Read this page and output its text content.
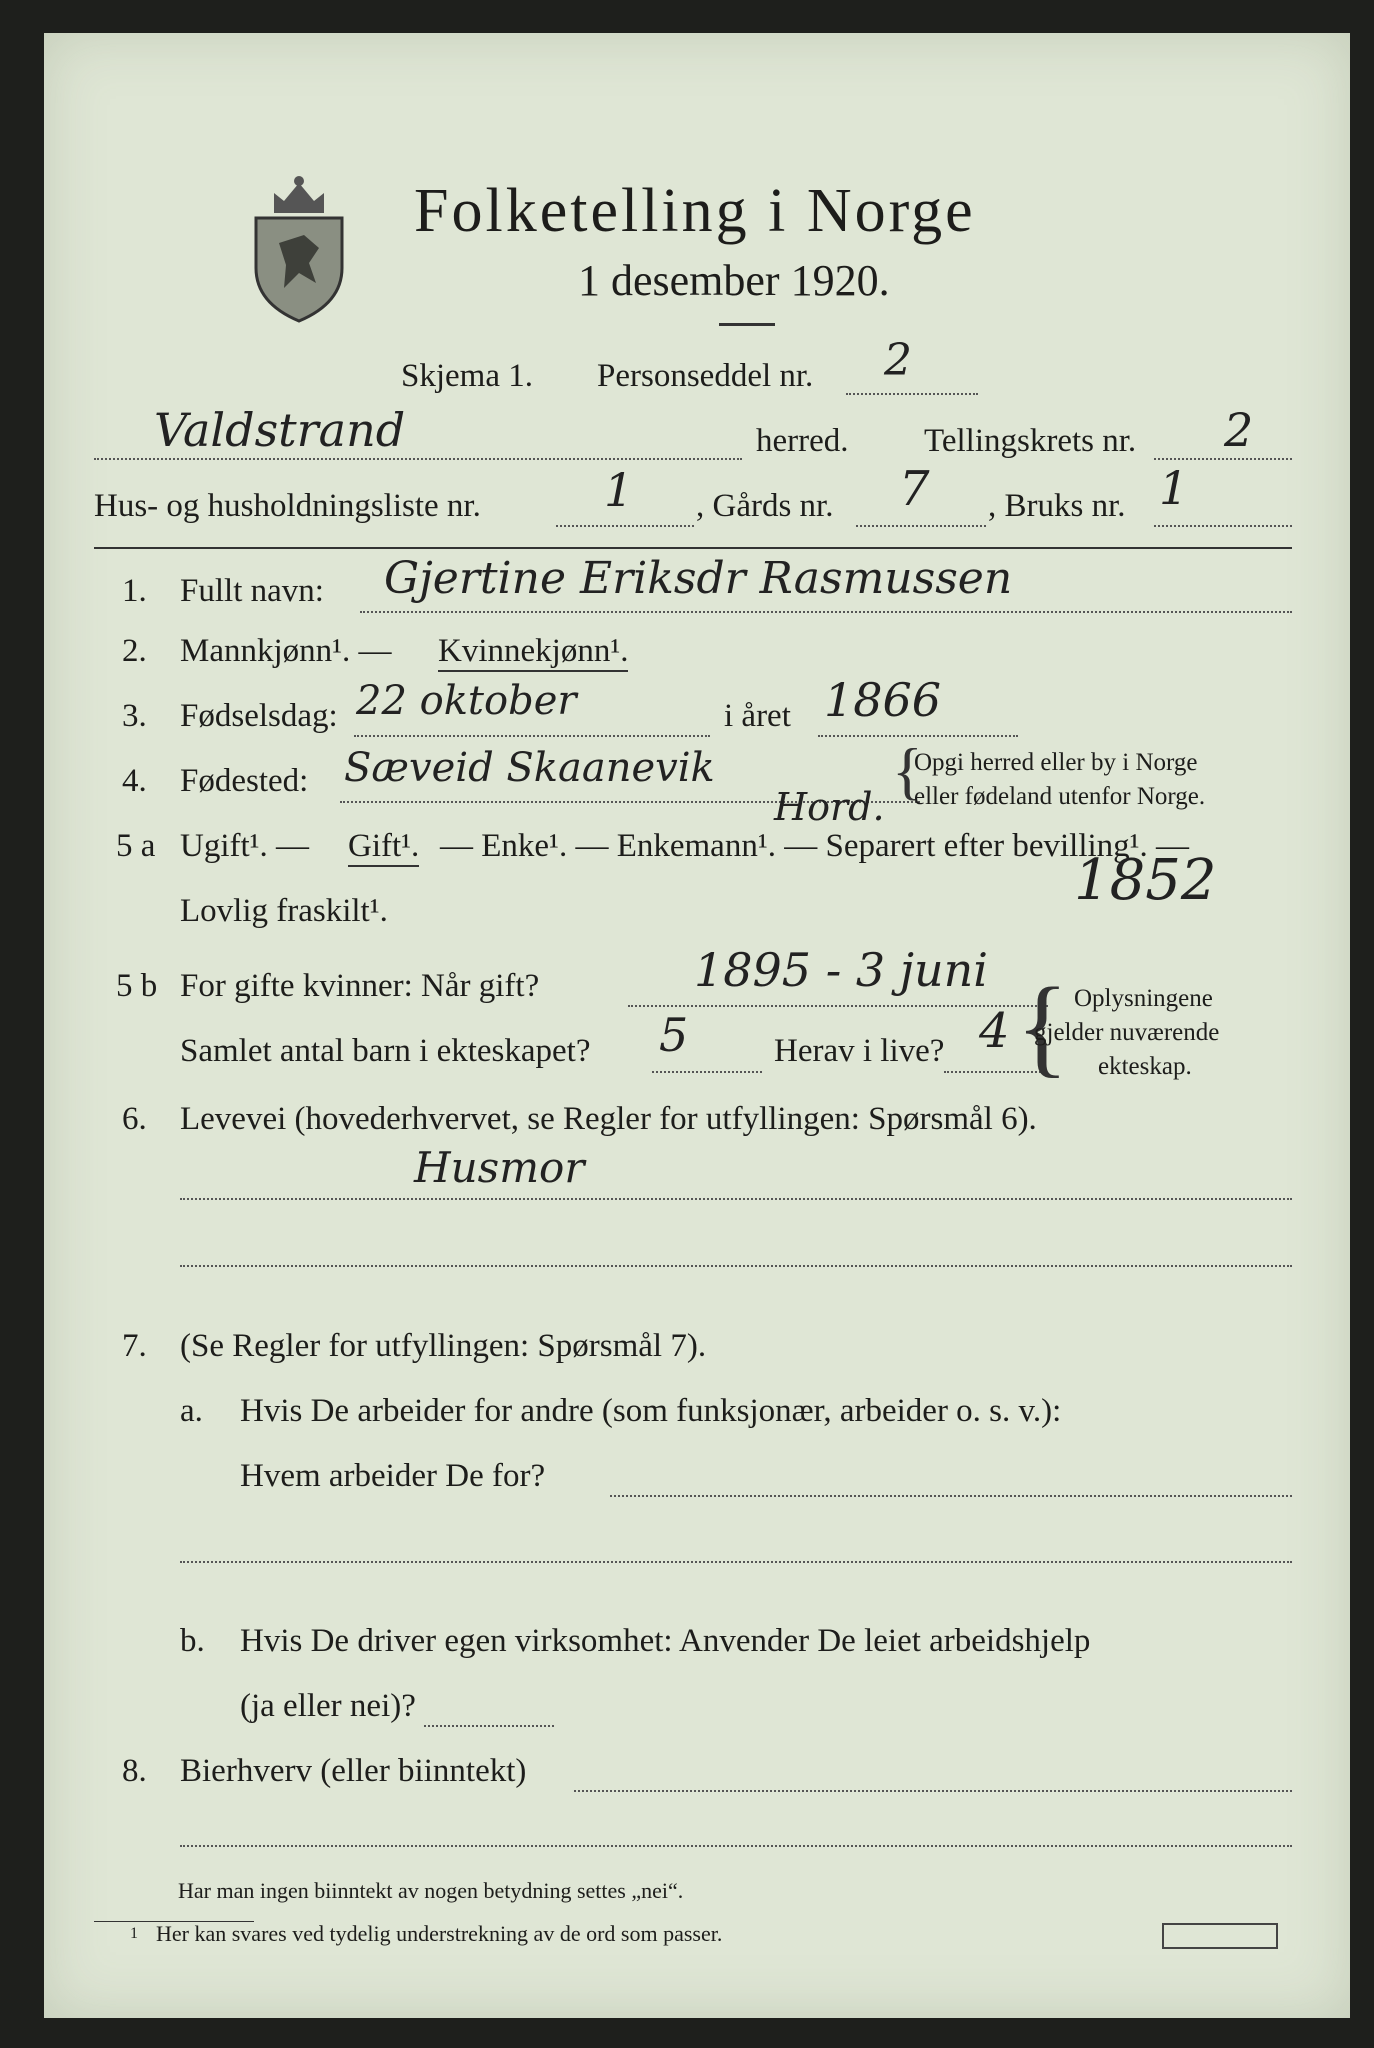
Folketelling i Norge
1 desember 1920.
Skjema 1. Personseddel nr. 2
Valdstrand	herred. Tellingskrets nr. 2
Hus- og husholdningsliste nr.	1 , Gårds nr. 7 , Bruks nr. 1
1. Fullt navn: Gjertine Eriksdr Rasmussen
2. Mannkjønn¹. — Kvinnekjønn¹.
3. Fødselsdag: 22 oktober	i året 1866
4. Fødested: Sæveid Skaanevik	{
Opgi herred eller by i Norge
eller fødeland utenfor Norge.
Hord.
5 a Ugift¹. — Gift¹. — Enke¹. — Enkemann¹. — Separert efter bevilling¹. —
Lovlig fraskilt¹.	1852
5 b For gifte kvinner: Når gift?	1895 - 3 juni
Samlet antal barn i ekteskapet? 5	Herav i live? 4 { Oplysningene
gjelder nuværende
ekteskap.
6. Levevei (hovederhvervet, se Regler for utfyllingen: Spørsmål 6).
Husmor
7. (Se Regler for utfyllingen: Spørsmål 7).
a. Hvis De arbeider for andre (som funksjonær, arbeider o. s. v.):
Hvem arbeider De for?
b. Hvis De driver egen virksomhet: Anvender De leiet arbeidshjelp
(ja eller nei)?
8. Bierhverv (eller biinntekt)
Har man ingen biinntekt av nogen betydning settes „nei“.
1 Her kan svares ved tydelig understrekning av de ord som passer.
